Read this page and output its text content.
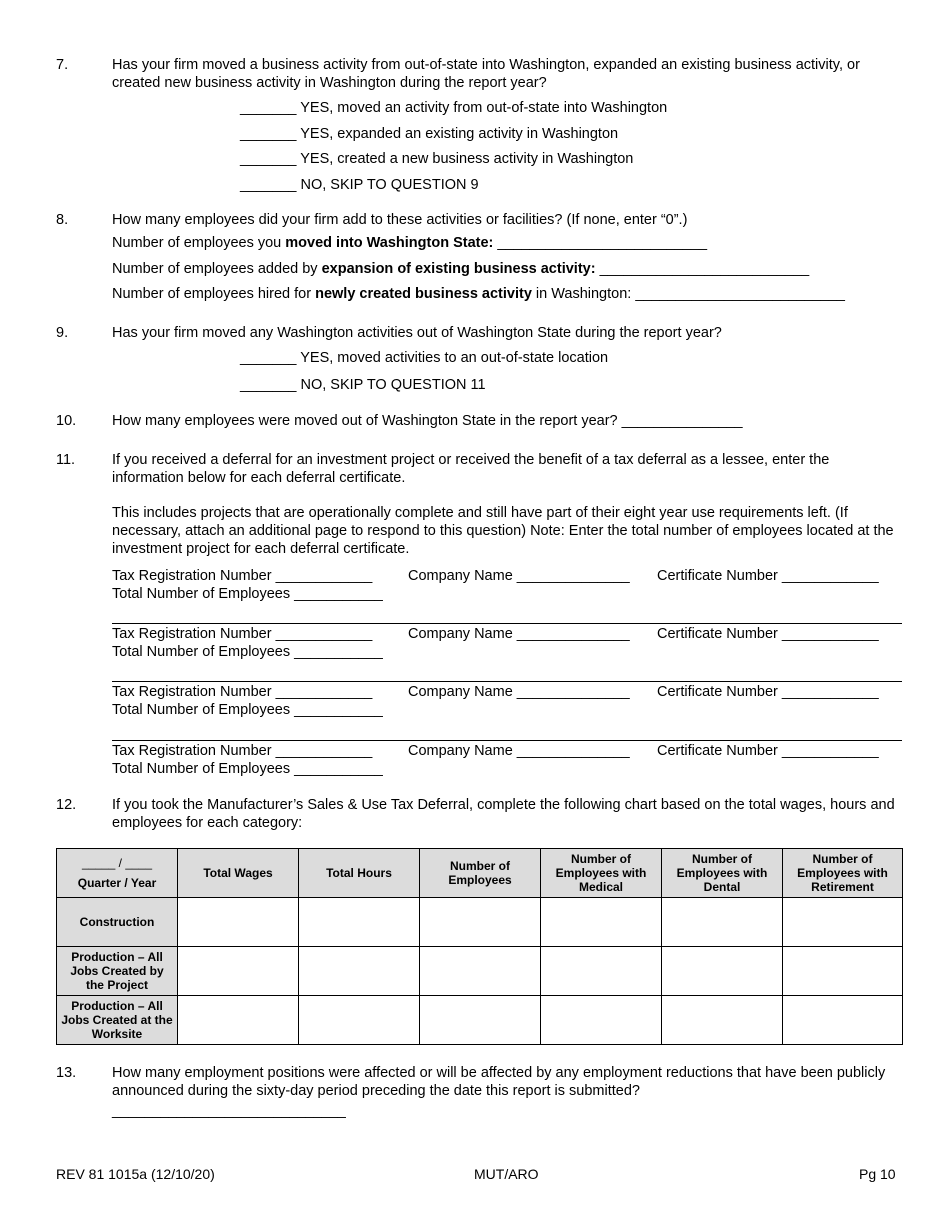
7.	Has your firm moved a business activity from out-of-state into Washington, expanded an existing business activity, or created new business activity in Washington during the report year?
_______ YES, moved an activity from out-of-state into Washington
_______ YES, expanded an existing activity in Washington
_______ YES, created a new business activity in Washington
_______ NO, SKIP TO QUESTION 9
8.	How many employees did your firm add to these activities or facilities? (If none, enter “0”.)
Number of employees you moved into Washington State: __________________________
Number of employees added by expansion of existing business activity: __________________________
Number of employees hired for newly created business activity in Washington: __________________________
9.	Has your firm moved any Washington activities out of Washington State during the report year?
_______ YES, moved activities to an out-of-state location
_______ NO, SKIP TO QUESTION 11
10. How many employees were moved out of Washington State in the report year? _______________
11.	If you received a deferral for an investment project or received the benefit of a tax deferral as a lessee, enter the information below for each deferral certificate.
This includes projects that are operationally complete and still have part of their eight year use requirements left. (If necessary, attach an additional page to respond to this question) Note: Enter the total number of employees located at the investment project for each deferral certificate.
Tax Registration Number ____________ Company Name ______________ Certificate Number ____________
Total Number of Employees ___________
Tax Registration Number ____________ Company Name ______________ Certificate Number ____________
Total Number of Employees ___________
Tax Registration Number ____________ Company Name ______________ Certificate Number ____________
Total Number of Employees ___________
Tax Registration Number ____________ Company Name ______________ Certificate Number ____________
Total Number of Employees ___________
12. If you took the Manufacturer’s Sales & Use Tax Deferral, complete the following chart based on the total wages, hours and employees for each category:
_____ / ____
Quarter / Year	Total Wages	Total Hours	Number of Employees	Number of Employees with Medical	Number of Employees with Dental	Number of Employees with Retirement
Construction						
Production – All Jobs Created by the Project						
Production – All Jobs Created at the Worksite						
13. How many employment positions were affected or will be affected by any employment reductions that have been publicly announced during the sixty-day period preceding the date this report is submitted?
_____________________________
REV 81 1015a (12/10/20)	MUT/ARO	Pg 10
